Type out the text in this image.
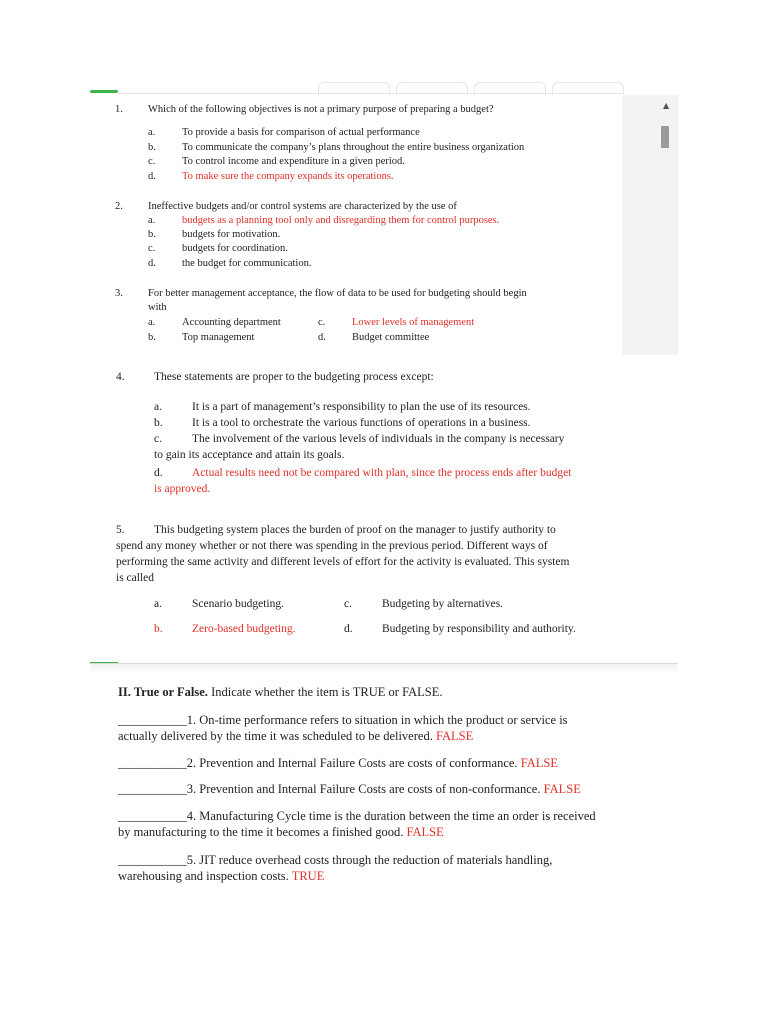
▲
1. Which of the following objectives is not a primary purpose of preparing a budget?
a.	To provide a basis for comparison of actual performance
b. To communicate the company’s plans throughout the entire business organization
c.	To control income and expenditure in a given period.
d. To make sure the company expands its operations.
2. Ineffective budgets and/or control systems are characterized by the use of
a.	budgets as a planning tool only and disregarding them for control purposes.
b. budgets for motivation.
c.	budgets for coordination.
d. the budget for communication.
3. For better management acceptance, the flow of data to be used for budgeting should begin
with
a.	Accounting department	c.	Lower levels of management
b. Top management	d. Budget committee
4.	These statements are proper to the budgeting process except:
a.	It is a part of management’s responsibility to plan the use of its resources.
b.	It is a tool to orchestrate the various functions of operations in a business.
c.	The involvement of the various levels of individuals in the company is necessary
to gain its acceptance and attain its goals.
d.	Actual results need not be compared with plan, since the process ends after budget
is approved.
5.	This budgeting system places the burden of proof on the manager to justify authority to
spend any money whether or not there was spending in the previous period. Different ways of
performing the same activity and different levels of effort for the activity is evaluated. This system
is called
a.	Scenario budgeting.	c.	Budgeting by alternatives.
b.	Zero-based budgeting.	d.	Budgeting by responsibility and authority.
II. True or False. Indicate whether the item is TRUE or FALSE.
___________1. On-time performance refers to situation in which the product or service is
actually delivered by the time it was scheduled to be delivered. FALSE
___________2. Prevention and Internal Failure Costs are costs of conformance. FALSE
___________3. Prevention and Internal Failure Costs are costs of non-conformance. FALSE
___________4. Manufacturing Cycle time is the duration between the time an order is received
by manufacturing to the time it becomes a finished good. FALSE
___________5. JIT reduce overhead costs through the reduction of materials handling,
warehousing and inspection costs. TRUE
